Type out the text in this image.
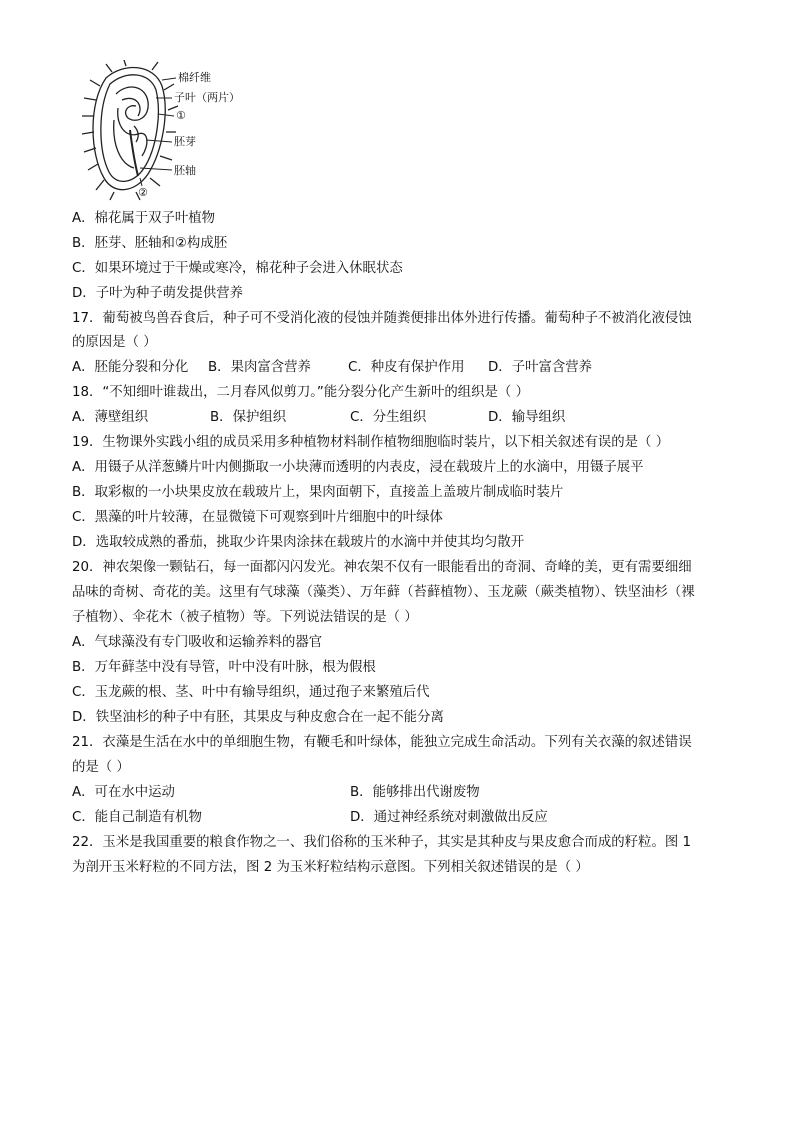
棉纤维
子叶（两片）
①
胚芽
胚轴
②
A．棉花属于双子叶植物
B．胚芽、胚轴和②构成胚
C．如果环境过于干燥或寒冷，棉花种子会进入休眠状态
D．子叶为种子萌发提供营养
17．葡萄被鸟兽吞食后，种子可不受消化液的侵蚀并随粪便排出体外进行传播。葡萄种子不被消化液侵蚀
的原因是（ ）
A．胚能分裂和分化 B．果肉富含营养	C．种皮有保护作用 D．子叶富含营养
18．“不知细叶谁裁出，二月春风似剪刀。”能分裂分化产生新叶的组织是（ ）
A．薄壁组织	B．保护组织	C．分生组织	D．输导组织
19．生物课外实践小组的成员采用多种植物材料制作植物细胞临时装片，以下相关叙述有误的是（ ）
A．用镊子从洋葱鳞片叶内侧撕取一小块薄而透明的内表皮，浸在载玻片上的水滴中，用镊子展平
B．取彩椒的一小块果皮放在载玻片上，果肉面朝下，直接盖上盖玻片制成临时装片
C．黑藻的叶片较薄，在显微镜下可观察到叶片细胞中的叶绿体
D．选取较成熟的番茄，挑取少许果肉涂抹在载玻片的水滴中并使其均匀散开
20．神农架像一颗钻石，每一面都闪闪发光。神农架不仅有一眼能看出的奇洞、奇峰的美，更有需要细细
品味的奇树、奇花的美。这里有气球藻（藻类）、万年藓（苔藓植物）、玉龙蕨（蕨类植物）、铁坚油杉（裸
子植物）、伞花木（被子植物）等。下列说法错误的是（ ）
A．气球藻没有专门吸收和运输养料的器官
B．万年藓茎中没有导管，叶中没有叶脉，根为假根
C．玉龙蕨的根、茎、叶中有输导组织，通过孢子来繁殖后代
D．铁坚油杉的种子中有胚，其果皮与种皮愈合在一起不能分离
21．衣藻是生活在水中的单细胞生物，有鞭毛和叶绿体，能独立完成生命活动。下列有关衣藻的叙述错误
的是（ ）
A．可在水中运动	B．能够排出代谢废物
C．能自己制造有机物	D．通过神经系统对刺激做出反应
22．玉米是我国重要的粮食作物之一、我们俗称的玉米种子，其实是其种皮与果皮愈合而成的籽粒。图 1
为剖开玉米籽粒的不同方法，图 2 为玉米籽粒结构示意图。下列相关叙述错误的是（ ）
